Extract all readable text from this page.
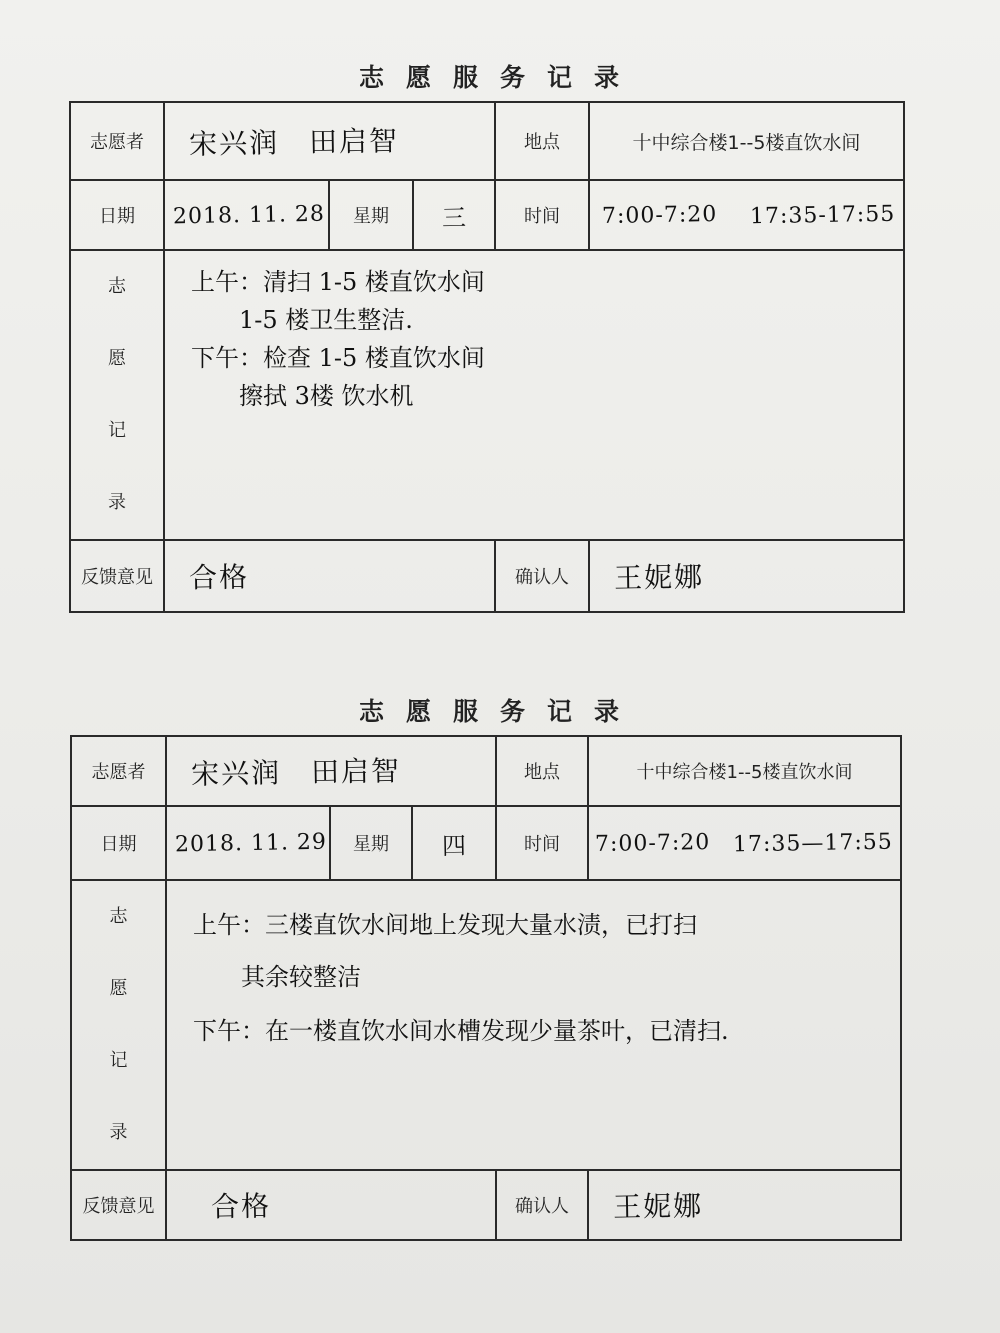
志愿服务记录
志愿者	宋兴润　田启智			地点	十中综合楼1--5楼直饮水间
日期	2018. 11. 28	星期	三	时间	7:00-7:20 17:35-17:55

志
愿
记
录	上午：清扫 1-5 楼直饮水间
　　1-5 楼卫生整洁.
下午：检查 1-5 楼直饮水间
　　擦拭 3楼 饮水机				

反馈意见	合格			确认人	王妮娜
志愿服务记录
志愿者	宋兴润　田启智			地点	十中综合楼1--5楼直饮水间
日期	2018. 11. 29	星期	四	时间	7:00-7:20 17:35—17:55

志
愿
记
录	上午：三楼直饮水间地上发现大量水渍，已打扫
　　其余较整洁
下午：在一楼直饮水间水槽发现少量茶叶，已清扫.				

反馈意见	合格			确认人	王妮娜
